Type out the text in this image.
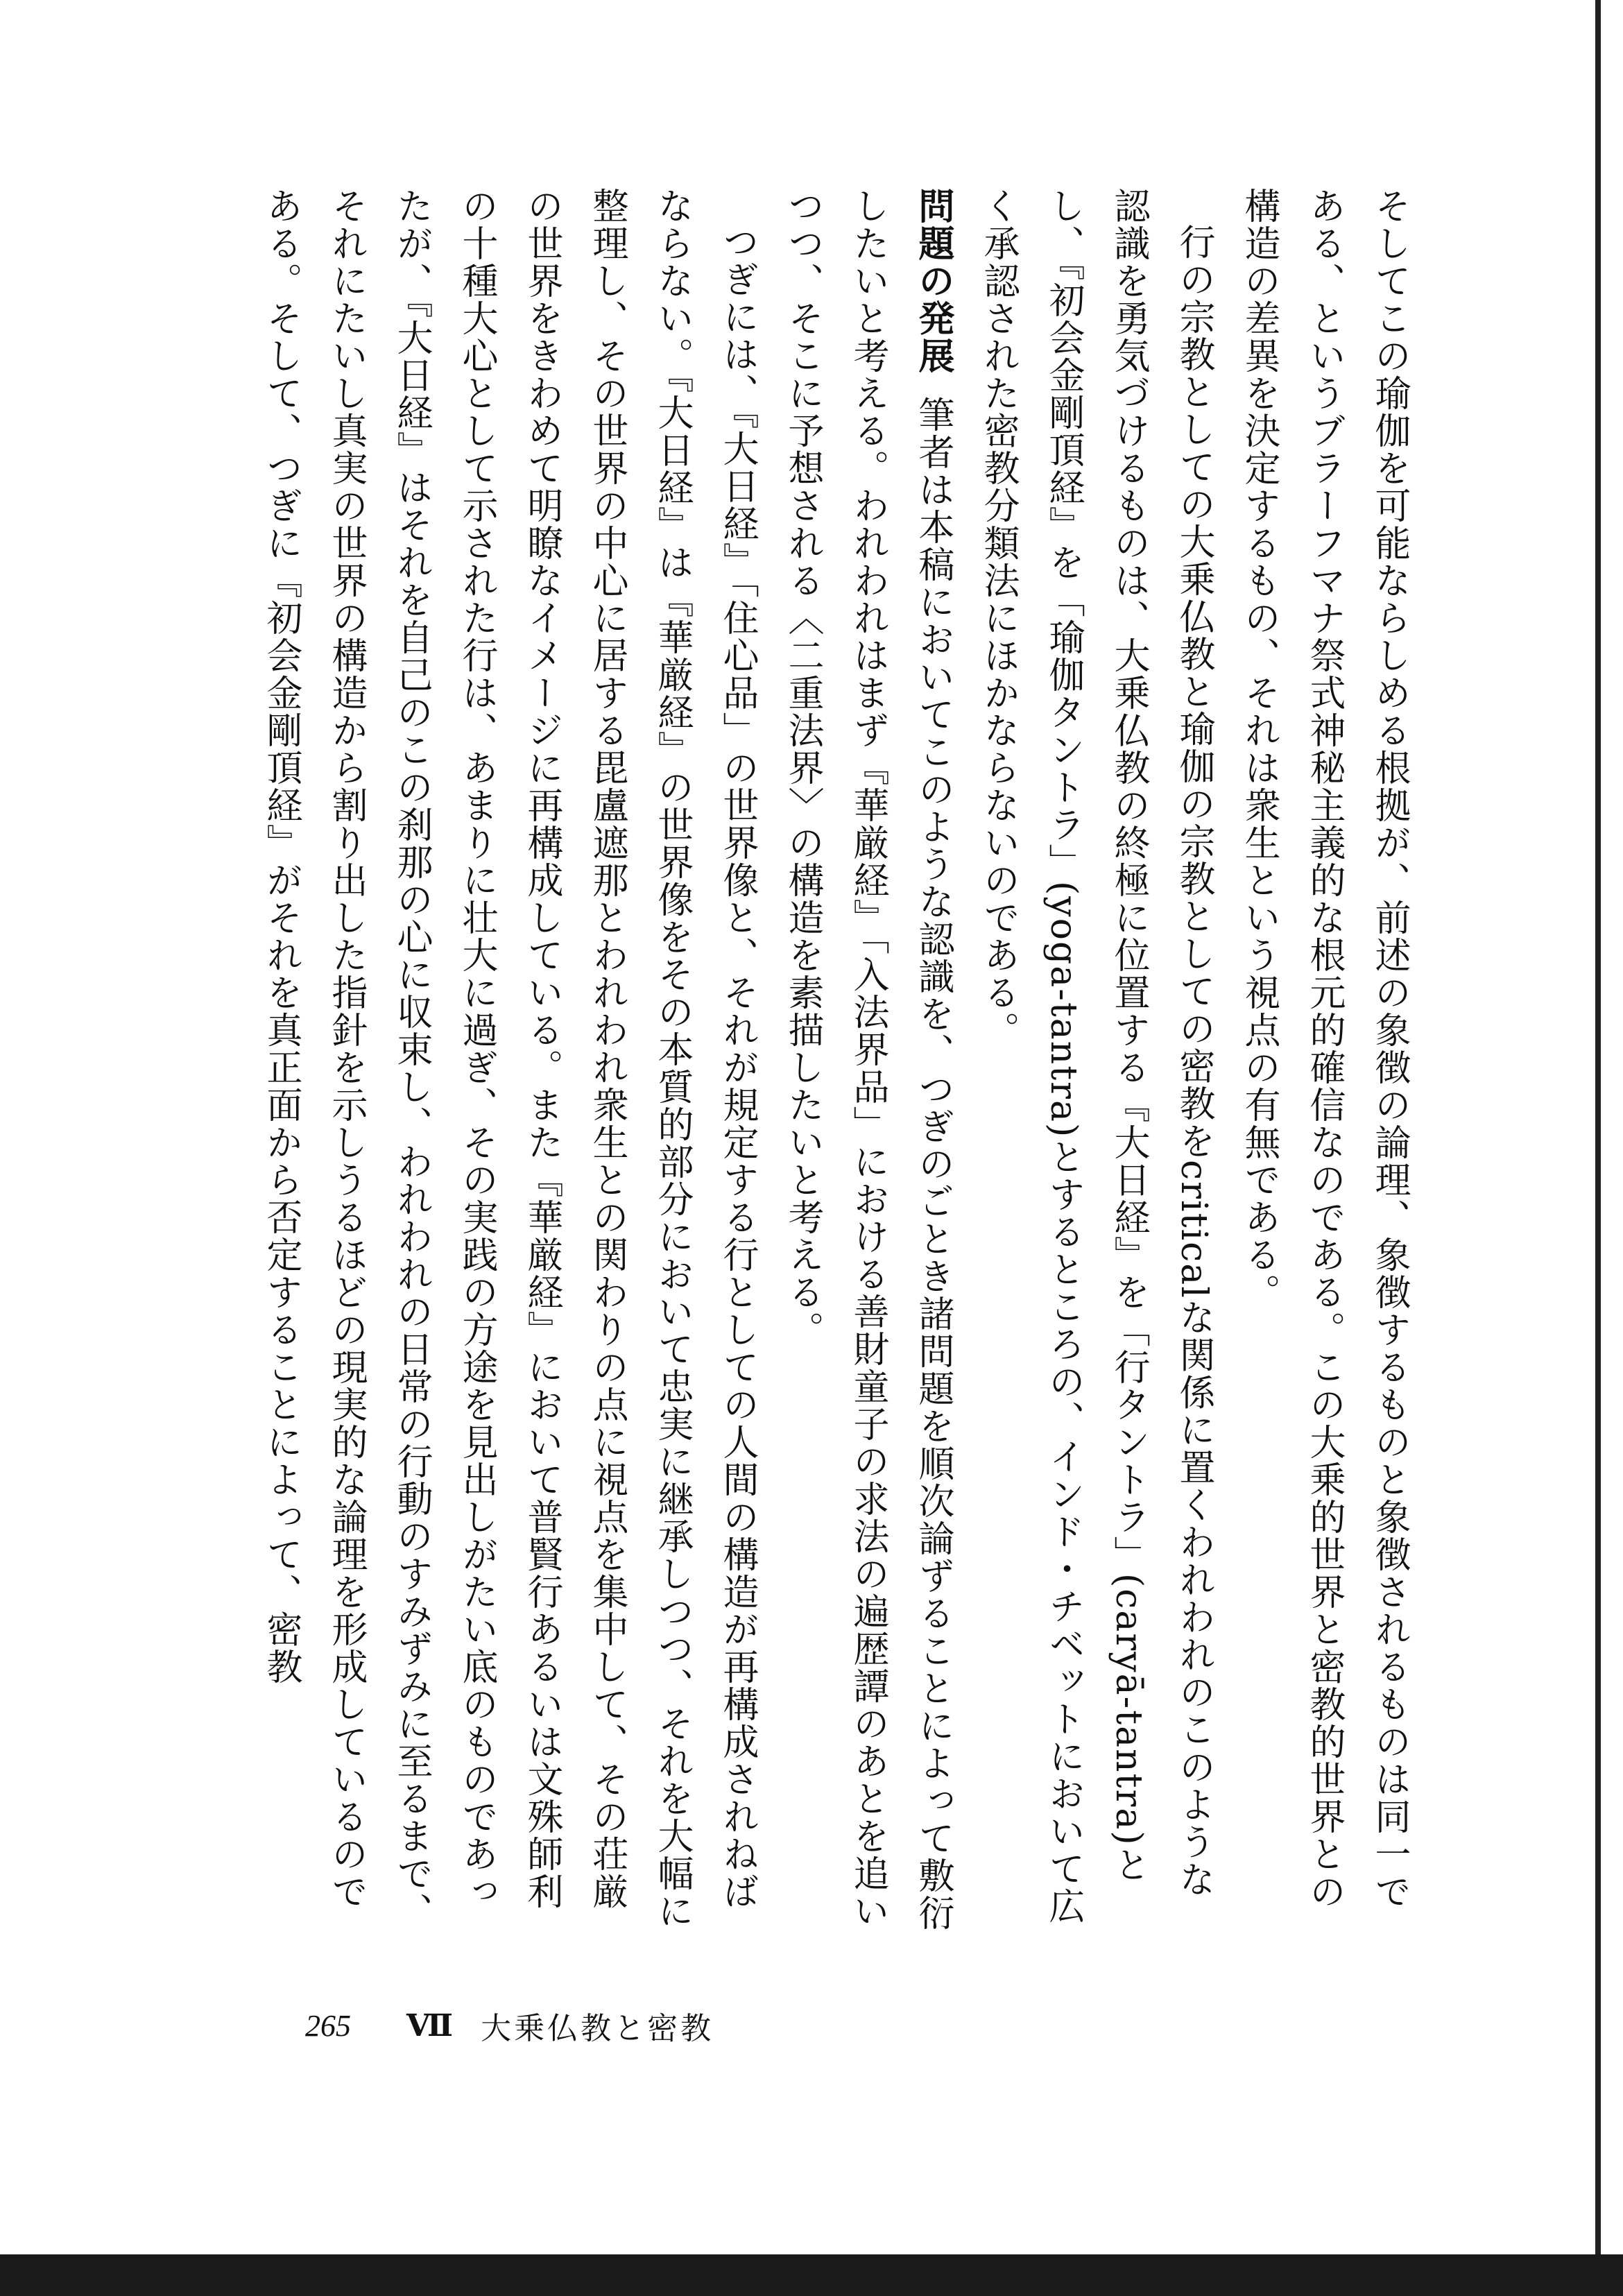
そしてこの瑜伽を可能ならしめる根拠が、前述の象徴の論理、象徴するものと象徴されるものは同一である、というブラーフマナ祭式神秘主義的な根元的確信なのである。この大乗的世界と密教的世界との構造の差異を決定するもの、それは衆生という視点の有無である。

行の宗教としての大乗仏教と瑜伽の宗教としての密教をcriticalな関係に置くわれわれのこのような認識を勇気づけるものは、大乗仏教の終極に位置する『大日経』を「行タントラ」(caryā-tantra)とし、『初会金剛頂経』を「瑜伽タントラ」(yoga-tantra)とするところの、インド・チベットにおいて広く承認された密教分類法にほかならないのである。

問題の発展筆者は本稿においてこのような認識を、つぎのごとき諸問題を順次論ずることによって敷衍したいと考える。われわれはまず『華厳経』「入法界品」における善財童子の求法の遍歴譚のあとを追いつつ、そこに予想される〈二重法界〉の構造を素描したいと考える。

つぎには、『大日経』「住心品」の世界像と、それが規定する行としての人間の構造が再構成されねばならない。『大日経』は『華厳経』の世界像をその本質的部分において忠実に継承しつつ、それを大幅に整理し、その世界の中心に居する毘盧遮那とわれわれ衆生との関わりの点に視点を集中して、その荘厳の世界をきわめて明瞭なイメージに再構成している。また『華厳経』において普賢行あるいは文殊師利の十種大心として示された行は、あまりに壮大に過ぎ、その実践の方途を見出しがたい底のものであったが、『大日経』はそれを自己のこの刹那の心に収束し、われわれの日常の行動のすみずみに至るまで、それにたいし真実の世界の構造から割り出した指針を示しうるほどの現実的な論理を形成しているのである。そして、つぎに『初会金剛頂経』がそれを真正面から否定することによって、密教

265 Ⅶ 大乗仏教と密教
